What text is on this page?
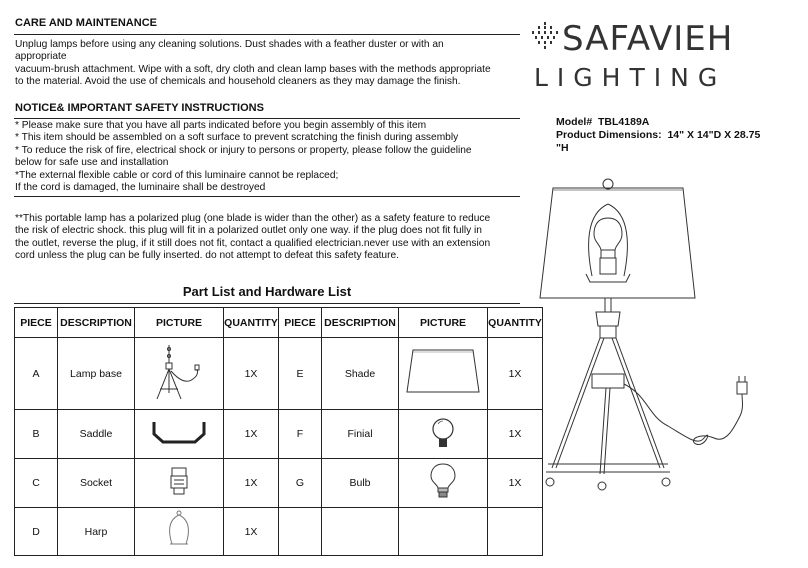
CARE AND MAINTENANCE
Unplug lamps before using any cleaning solutions. Dust shades with a feather duster or with an
appropriate
vacuum-brush attachment. Wipe with a soft, dry cloth and clean lamp bases with the methods appropriate
to the material. Avoid the use of chemicals and household cleaners as they may damage the finish.
NOTICE& IMPORTANT SAFETY INSTRUCTIONS
* Please make sure that you have all parts indicated before you begin assembly of this item
* This item should be assembled on a soft surface to prevent scratching the finish during assembly
* To reduce the risk of fire, electrical shock or injury to persons or property, please follow the guideline
below for safe use and installation
*The external flexible cable or cord of this luminaire cannot be replaced;
If the cord is damaged, the luminaire shall be destroyed
**This portable lamp has a polarized plug (one blade is wider than the other) as a safety feature to reduce
the risk of electric shock. this plug will fit in a polarized outlet only one way. if the plug does not fit fully in
the outlet, reverse the plug, if it still does not fit, contact a qualified electrician.never use with an extension
cord unless the plug can be fully inserted. do not attempt to defeat this safety feature.
Part List and Hardware List
PIECE	DESCRIPTION	PICTURE	QUANTITY	PIECE	DESCRIPTION	PICTURE	QUANTITY
A	Lamp base		1X	E	Shade		1X
B	Saddle		1X	F	Finial		1X
C	Socket		1X	G	Bulb		1X
D	Harp		1X				
SAFAVIEH
LIGHTING
Model# TBL4189A
Product Dimensions: 14" X 14"D X 28.75
"H
